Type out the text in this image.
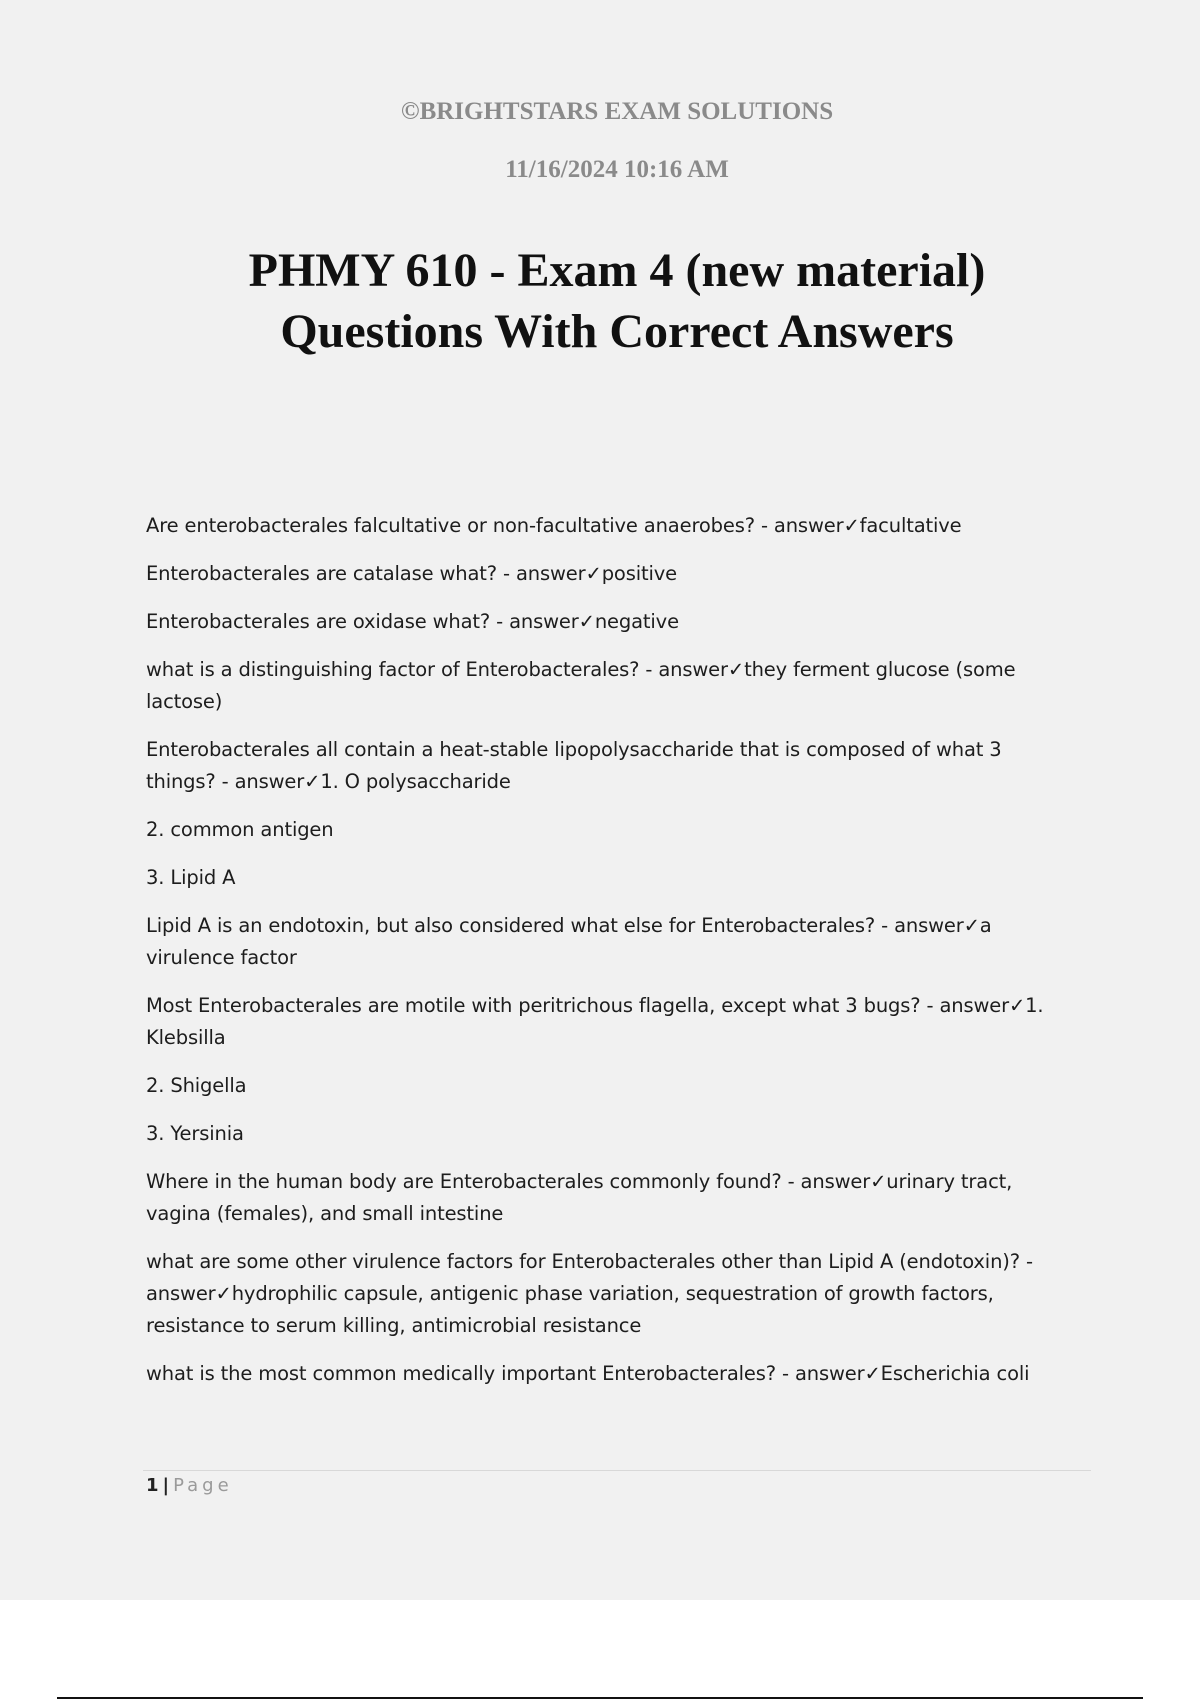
©BRIGHTSTARS EXAM SOLUTIONS
11/16/2024 10:16 AM
PHMY 610 - Exam 4 (new material)
Questions With Correct Answers
Are enterobacterales falcultative or non-facultative anaerobes? - answer✓facultative
Enterobacterales are catalase what? - answer✓positive
Enterobacterales are oxidase what? - answer✓negative
what is a distinguishing factor of Enterobacterales? - answer✓they ferment glucose (some lactose)
Enterobacterales all contain a heat-stable lipopolysaccharide that is composed of what 3 things? - answer✓1. O polysaccharide
2. common antigen
3. Lipid A
Lipid A is an endotoxin, but also considered what else for Enterobacterales? - answer✓a virulence factor
Most Enterobacterales are motile with peritrichous flagella, except what 3 bugs? - answer✓1. Klebsilla
2. Shigella
3. Yersinia
Where in the human body are Enterobacterales commonly found? - answer✓urinary tract, vagina (females), and small intestine
what are some other virulence factors for Enterobacterales other than Lipid A (endotoxin)? - answer✓hydrophilic capsule, antigenic phase variation, sequestration of growth factors, resistance to serum killing, antimicrobial resistance
what is the most common medically important Enterobacterales? - answer✓Escherichia coli
1 | Page
